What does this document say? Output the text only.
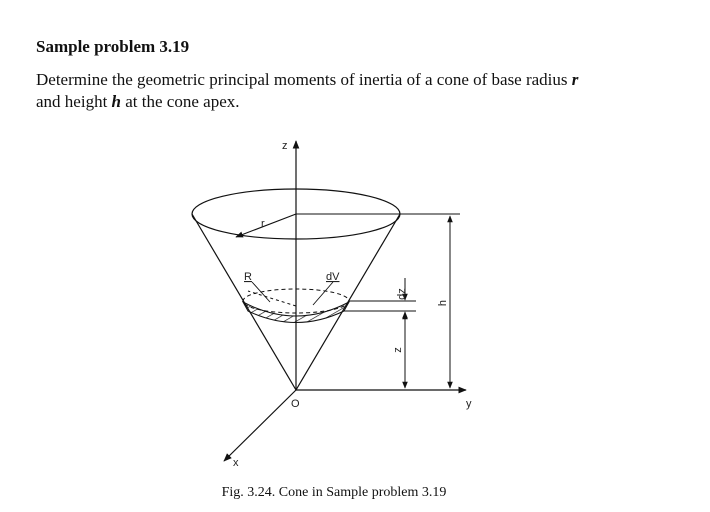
Sample problem 3.19

Determine the geometric principal moments of inertia of a cone of base radius r
and height h at the cone apex.

z
y
x
O
r
R	dV
dz
z
h

Fig. 3.24. Cone in Sample problem 3.19
